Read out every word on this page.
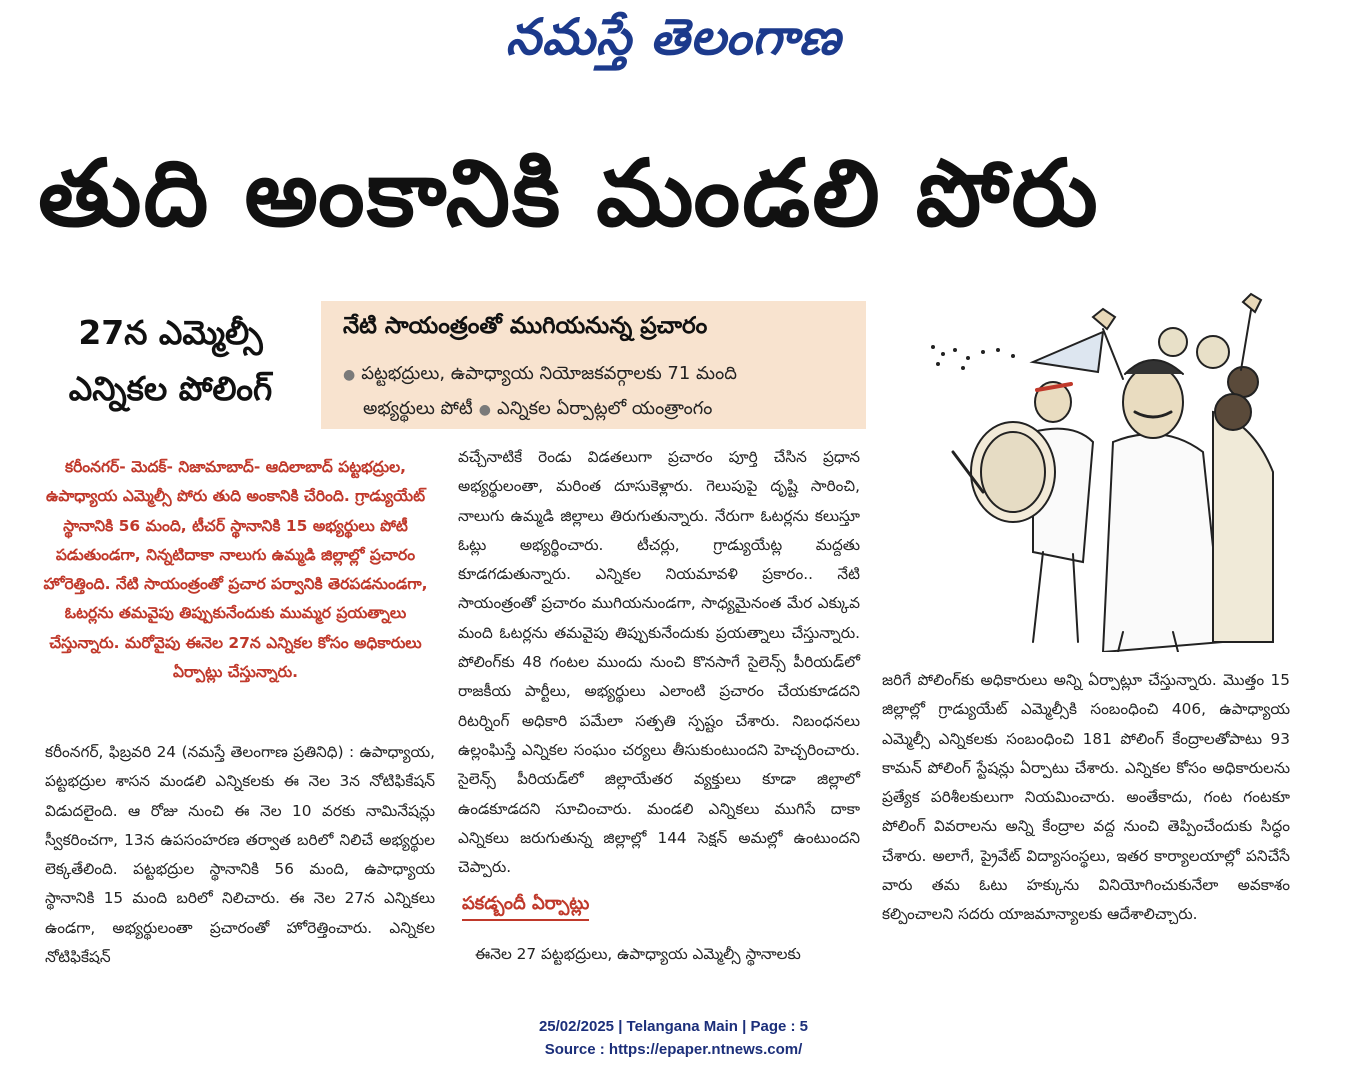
నమస్తే తెలంగాణ
తుది అంకానికి మండలి పోరు
27న ఎమ్మెల్సీ
ఎన్నికల పోలింగ్
నేటి సాయంత్రంతో ముగియనున్న ప్రచారం
● పట్టభద్రులు, ఉపాధ్యాయ నియోజకవర్గాలకు 71 మంది
అభ్యర్థులు పోటీ ● ఎన్నికల ఏర్పాట్లలో యంత్రాంగం
కరీంనగర్- మెదక్- నిజామాబాద్- ఆదిలాబాద్ పట్టభద్రుల, ఉపాధ్యాయ ఎమ్మెల్సీ పోరు తుది అంకానికి చేరింది. గ్రాడ్యుయేట్ స్థానానికి 56 మంది, టీచర్ స్థానానికి 15 అభ్యర్థులు పోటీ పడుతుండగా, నిన్నటిదాకా నాలుగు ఉమ్మడి జిల్లాల్లో ప్రచారం హోరెత్తింది. నేటి సాయంత్రంతో ప్రచార పర్వానికి తెరపడనుండగా, ఓటర్లను తమవైపు తిప్పుకునేందుకు ముమ్మర ప్రయత్నాలు చేస్తున్నారు. మరోవైపు ఈనెల 27న ఎన్నికల కోసం అధికారులు ఏర్పాట్లు చేస్తున్నారు.
కరీంనగర్, ఫిబ్రవరి 24 (నమస్తే తెలంగాణ ప్రతినిధి) : ఉపాధ్యాయ, పట్టభద్రుల శాసన మండలి ఎన్నికలకు ఈ నెల 3న నోటిఫికేషన్ విడుదలైంది. ఆ రోజు నుంచి ఈ నెల 10 వరకు నామినేషన్లు స్వీకరించగా, 13న ఉపసంహరణ తర్వాత బరిలో నిలిచే అభ్యర్థుల లెక్కతేలింది. పట్టభద్రుల స్థానానికి 56 మంది, ఉపాధ్యాయ స్థానానికి 15 మంది బరిలో నిలిచారు. ఈ నెల 27న ఎన్నికలు ఉండగా, అభ్యర్థులంతా ప్రచారంతో హోరెత్తించారు. ఎన్నికల నోటిఫికేషన్
వచ్చేనాటికే రెండు విడతలుగా ప్రచారం పూర్తి చేసిన ప్రధాన అభ్యర్థులంతా, మరింత దూసుకెళ్లారు. గెలుపుపై దృష్టి సారించి, నాలుగు ఉమ్మడి జిల్లాలు తిరుగుతున్నారు. నేరుగా ఓటర్లను కలుస్తూ ఓట్లు అభ్యర్థించారు. టీచర్లు, గ్రాడ్యుయేట్ల మద్దతు కూడగడుతున్నారు. ఎన్నికల నియమావళి ప్రకారం.. నేటి సాయంత్రంతో ప్రచారం ముగియనుండగా, సాధ్యమైనంత మేర ఎక్కువ మంది ఓటర్లను తమవైపు తిప్పుకునేందుకు ప్రయత్నాలు చేస్తున్నారు. పోలింగ్‌కు 48 గంటల ముందు నుంచి కొనసాగే సైలెన్స్ పీరియడ్‌లో రాజకీయ పార్టీలు, అభ్యర్థులు ఎలాంటి ప్రచారం చేయకూడదని రిటర్నింగ్ అధికారి పమేలా సత్పతి స్పష్టం చేశారు. నిబంధనలు ఉల్లంఘిస్తే ఎన్నికల సంఘం చర్యలు తీసుకుంటుందని హెచ్చరించారు. సైలెన్స్ పీరియడ్‌లో జిల్లాయేతర వ్యక్తులు కూడా జిల్లాలో ఉండకూడదని సూచించారు. మండలి ఎన్నికలు ముగిసే దాకా ఎన్నికలు జరుగుతున్న జిల్లాల్లో 144 సెక్షన్ అమల్లో ఉంటుందని చెప్పారు.
పకడ్బందీ ఏర్పాట్లు
ఈనెల 27 పట్టభద్రులు, ఉపాధ్యాయ ఎమ్మెల్సీ స్థానాలకు
జరిగే పోలింగ్‌కు అధికారులు అన్ని ఏర్పాట్లూ చేస్తున్నారు. మొత్తం 15 జిల్లాల్లో గ్రాడ్యుయేట్ ఎమ్మెల్సీకి సంబంధించి 406, ఉపాధ్యాయ ఎమ్మెల్సీ ఎన్నికలకు సంబంధించి 181 పోలింగ్ కేంద్రాలతోపాటు 93 కామన్ పోలింగ్ స్టేషన్లు ఏర్పాటు చేశారు. ఎన్నికల కోసం అధికారులను ప్రత్యేక పరిశీలకులుగా నియమించారు. అంతేకాదు, గంట గంటకూ పోలింగ్ వివరాలను అన్ని కేంద్రాల వద్ద నుంచి తెప్పించేందుకు సిద్ధం చేశారు. అలాగే, ప్రైవేట్ విద్యాసంస్థలు, ఇతర కార్యాలయాల్లో పనిచేసే వారు తమ ఓటు హక్కును వినియోగించుకునేలా అవకాశం కల్పించాలని సదరు యాజమాన్యాలకు ఆదేశాలిచ్చారు.
25/02/2025 | Telangana Main | Page : 5
Source : https://epaper.ntnews.com/
